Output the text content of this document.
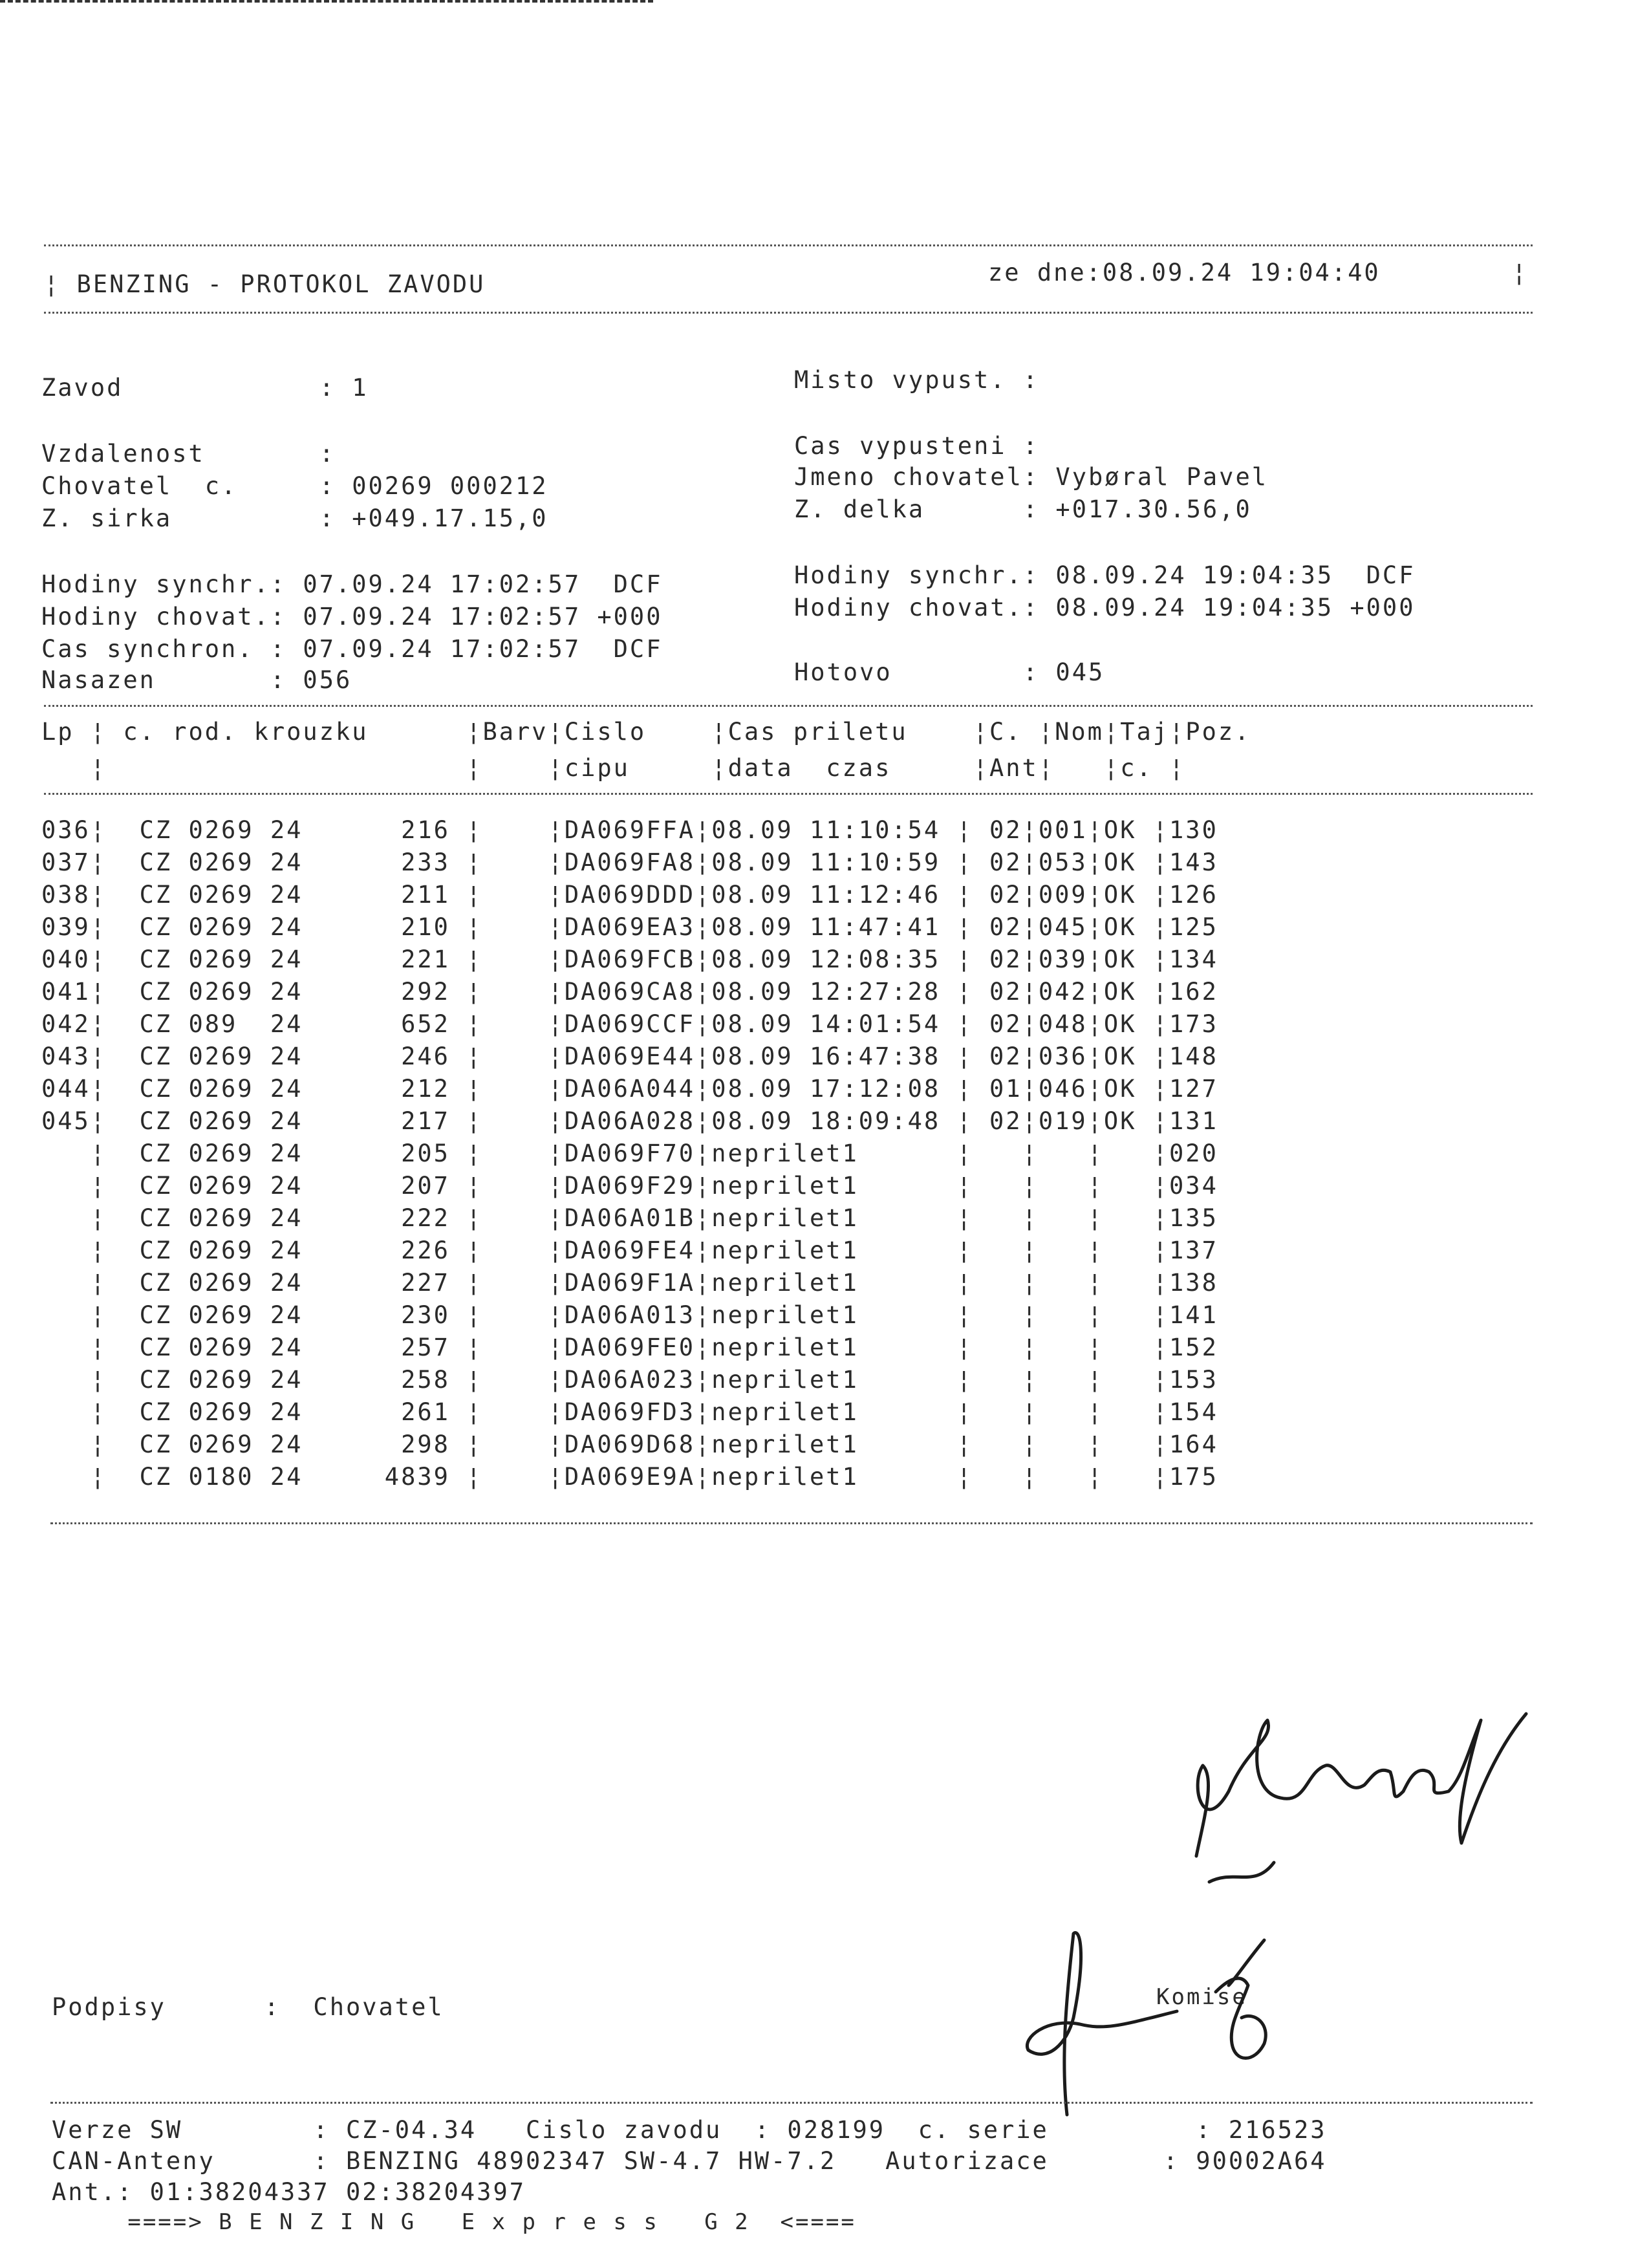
¦ BENZING - PROTOKOL ZAVODU	ze dne:08.09.24 19:04:40	¦
Zavod            : 1
Vzdalenost       :
Chovatel  c.     : 00269 000212
Z. sirka         : +049.17.15,0
Hodiny synchr.: 07.09.24 17:02:57  DCF
Hodiny chovat.: 07.09.24 17:02:57 +000
Cas synchron. : 07.09.24 17:02:57  DCF
Nasazen       : 056
Misto vypust. :
Cas vypusteni :
Jmeno chovatel: Vybøral Pavel
Z. delka      : +017.30.56,0
Hodiny synchr.: 08.09.24 19:04:35  DCF
Hodiny chovat.: 08.09.24 19:04:35 +000
Hotovo        : 045
Lp ¦ c. rod. krouzku      ¦Barv¦Cislo    ¦Cas priletu    ¦C. ¦Nom¦Taj¦Poz.
¦                      ¦    ¦cipu     ¦data  czas     ¦Ant¦   ¦c. ¦
036¦  CZ 0269 24      216 ¦    ¦DA069FFA¦08.09 11:10:54 ¦ 02¦001¦OK ¦130
037¦  CZ 0269 24      233 ¦    ¦DA069FA8¦08.09 11:10:59 ¦ 02¦053¦OK ¦143
038¦  CZ 0269 24      211 ¦    ¦DA069DDD¦08.09 11:12:46 ¦ 02¦009¦OK ¦126
039¦  CZ 0269 24      210 ¦    ¦DA069EA3¦08.09 11:47:41 ¦ 02¦045¦OK ¦125
040¦  CZ 0269 24      221 ¦    ¦DA069FCB¦08.09 12:08:35 ¦ 02¦039¦OK ¦134
041¦  CZ 0269 24      292 ¦    ¦DA069CA8¦08.09 12:27:28 ¦ 02¦042¦OK ¦162
042¦  CZ 089  24      652 ¦    ¦DA069CCF¦08.09 14:01:54 ¦ 02¦048¦OK ¦173
043¦  CZ 0269 24      246 ¦    ¦DA069E44¦08.09 16:47:38 ¦ 02¦036¦OK ¦148
044¦  CZ 0269 24      212 ¦    ¦DA06A044¦08.09 17:12:08 ¦ 01¦046¦OK ¦127
045¦  CZ 0269 24      217 ¦    ¦DA06A028¦08.09 18:09:48 ¦ 02¦019¦OK ¦131
¦  CZ 0269 24      205 ¦    ¦DA069F70¦neprilet1      ¦   ¦   ¦   ¦020
¦  CZ 0269 24      207 ¦    ¦DA069F29¦neprilet1      ¦   ¦   ¦   ¦034
¦  CZ 0269 24      222 ¦    ¦DA06A01B¦neprilet1      ¦   ¦   ¦   ¦135
¦  CZ 0269 24      226 ¦    ¦DA069FE4¦neprilet1      ¦   ¦   ¦   ¦137
¦  CZ 0269 24      227 ¦    ¦DA069F1A¦neprilet1      ¦   ¦   ¦   ¦138
¦  CZ 0269 24      230 ¦    ¦DA06A013¦neprilet1      ¦   ¦   ¦   ¦141
¦  CZ 0269 24      257 ¦    ¦DA069FE0¦neprilet1      ¦   ¦   ¦   ¦152
¦  CZ 0269 24      258 ¦    ¦DA06A023¦neprilet1      ¦   ¦   ¦   ¦153
¦  CZ 0269 24      261 ¦    ¦DA069FD3¦neprilet1      ¦   ¦   ¦   ¦154
¦  CZ 0269 24      298 ¦    ¦DA069D68¦neprilet1      ¦   ¦   ¦   ¦164
¦  CZ 0180 24     4839 ¦    ¦DA069E9A¦neprilet1      ¦   ¦   ¦   ¦175
Podpisy      :  Chovatel	Komise
Verze SW        : CZ-04.34   Cislo zavodu  : 028199  c. serie         : 216523
CAN-Anteny      : BENZING 48902347 SW-4.7 HW-7.2   Autorizace       : 90002A64
Ant.: 01:38204337 02:38204397
====> B E N Z I N G   E x p r e s s   G 2  <====
